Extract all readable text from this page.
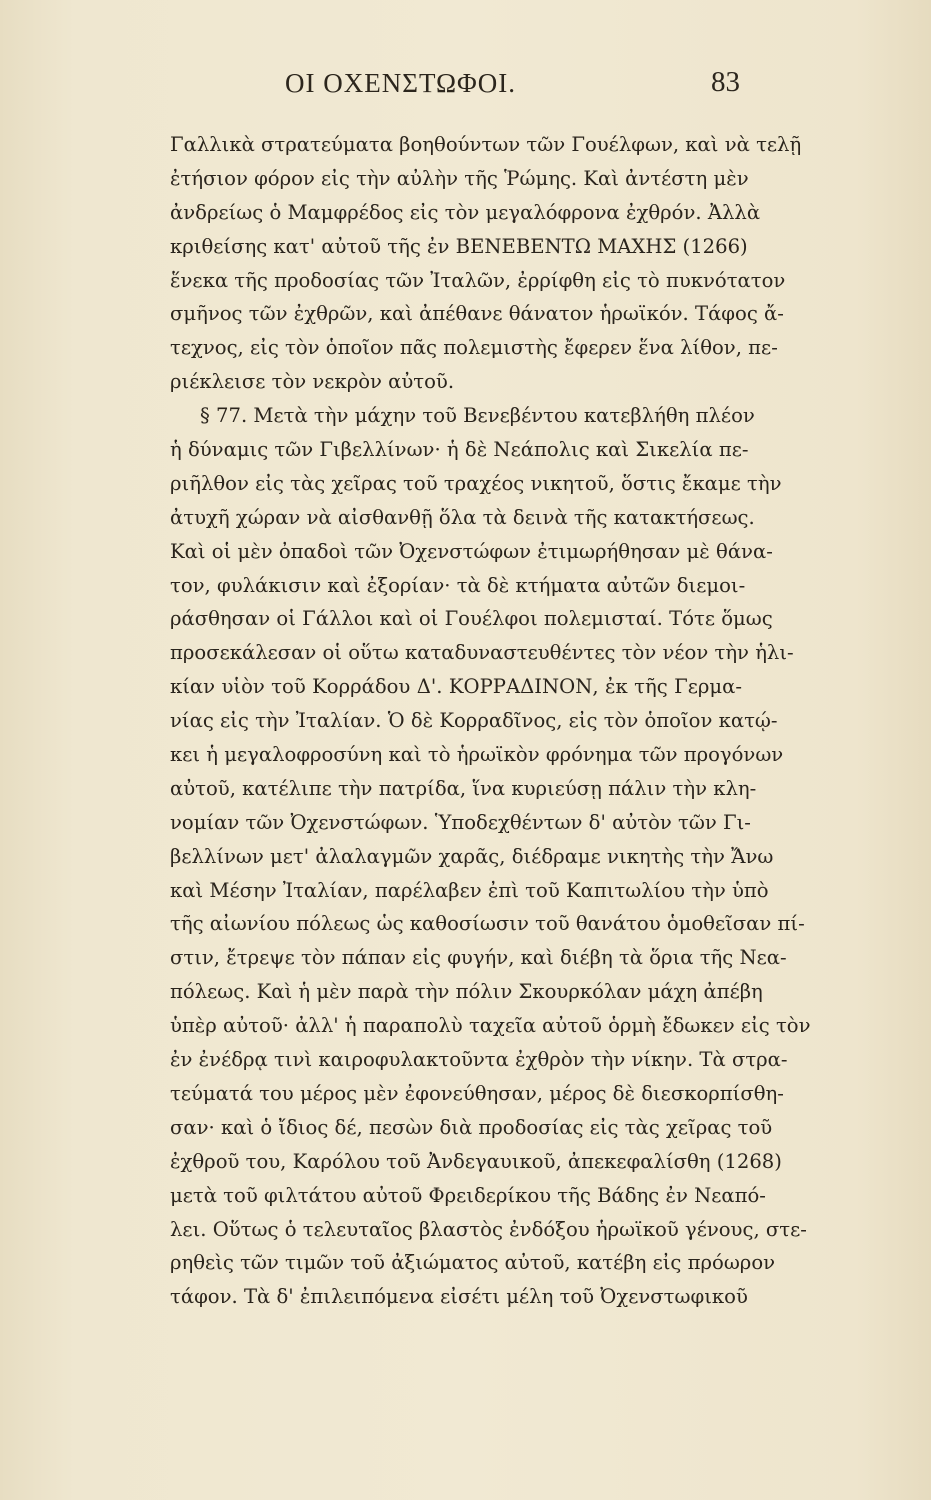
ΟΙ ΟΧΕΝΣΤΩΦΟΙ.	83
Γαλλικὰ στρατεύματα βοηθούντων τῶν Γουέλφων, καὶ νὰ τελῇ
ἐτήσιον φόρον εἰς τὴν αὐλὴν τῆς Ῥώμης. Καὶ ἀντέστη μὲν
ἀνδρείως ὁ Μαμφρέδος εἰς τὸν μεγαλόφρονα ἐχθρόν. Ἀλλὰ
κριθείσης κατ' αὐτοῦ τῆς ἐν ΒΕΝΕΒΕΝΤΩ ΜΑΧΗΣ (1266)
ἕνεκα τῆς προδοσίας τῶν Ἰταλῶν, ἐρρίφθη εἰς τὸ πυκνότατον
σμῆνος τῶν ἐχθρῶν, καὶ ἀπέθανε θάνατον ἡρωϊκόν. Τάφος ἄ-
τεχνος, εἰς τὸν ὁποῖον πᾶς πολεμιστὴς ἔφερεν ἕνα λίθον, πε-
ριέκλεισε τὸν νεκρὸν αὐτοῦ.
§ 77. Μετὰ τὴν μάχην τοῦ Βενεβέντου κατεβλήθη πλέον
ἡ δύναμις τῶν Γιβελλίνων· ἡ δὲ Νεάπολις καὶ Σικελία πε-
ριῆλθον εἰς τὰς χεῖρας τοῦ τραχέος νικητοῦ, ὅστις ἔκαμε τὴν
ἀτυχῆ χώραν νὰ αἰσθανθῇ ὅλα τὰ δεινὰ τῆς κατακτήσεως.
Καὶ οἱ μὲν ὀπαδοὶ τῶν Ὀχενστώφων ἐτιμωρήθησαν μὲ θάνα-
τον, φυλάκισιν καὶ ἐξορίαν· τὰ δὲ κτήματα αὐτῶν διεμοι-
ράσθησαν οἱ Γάλλοι καὶ οἱ Γουέλφοι πολεμισταί. Τότε ὅμως
προσεκάλεσαν οἱ οὕτω καταδυναστευθέντες τὸν νέον τὴν ἡλι-
κίαν υἱὸν τοῦ Κορράδου Δ'. ΚΟΡΡΑΔΙΝΟΝ, ἐκ τῆς Γερμα-
νίας εἰς τὴν Ἰταλίαν. Ὁ δὲ Κορραδῖνος, εἰς τὸν ὁποῖον κατῴ-
κει ἡ μεγαλοφροσύνη καὶ τὸ ἡρωϊκὸν φρόνημα τῶν προγόνων
αὐτοῦ, κατέλιπε τὴν πατρίδα, ἵνα κυριεύσῃ πάλιν τὴν κλη-
νομίαν τῶν Ὀχενστώφων. Ὑποδεχθέντων δ' αὐτὸν τῶν Γι-
βελλίνων μετ' ἀλαλαγμῶν χαρᾶς, διέδραμε νικητὴς τὴν Ἄνω
καὶ Μέσην Ἰταλίαν, παρέλαβεν ἐπὶ τοῦ Καπιτωλίου τὴν ὑπὸ
τῆς αἰωνίου πόλεως ὡς καθοσίωσιν τοῦ θανάτου ὁμοθεῖσαν πί-
στιν, ἔτρεψε τὸν πάπαν εἰς φυγήν, καὶ διέβη τὰ ὅρια τῆς Νεα-
πόλεως. Καὶ ἡ μὲν παρὰ τὴν πόλιν Σκουρκόλαν μάχη ἀπέβη
ὑπὲρ αὐτοῦ· ἀλλ' ἡ παραπολὺ ταχεῖα αὐτοῦ ὁρμὴ ἔδωκεν εἰς τὸν
ἐν ἐνέδρᾳ τινὶ καιροφυλακτοῦντα ἐχθρὸν τὴν νίκην. Τὰ στρα-
τεύματά του μέρος μὲν ἐφονεύθησαν, μέρος δὲ διεσκορπίσθη-
σαν· καὶ ὁ ἴδιος δέ, πεσὼν διὰ προδοσίας εἰς τὰς χεῖρας τοῦ
ἐχθροῦ του, Καρόλου τοῦ Ἀνδεγαυικοῦ, ἀπεκεφαλίσθη (1268)
μετὰ τοῦ φιλτάτου αὐτοῦ Φρειδερίκου τῆς Βάδης ἐν Νεαπό-
λει. Οὕτως ὁ τελευταῖος βλαστὸς ἐνδόξου ἡρωϊκοῦ γένους, στε-
ρηθεὶς τῶν τιμῶν τοῦ ἀξιώματος αὐτοῦ, κατέβη εἰς πρόωρον
τάφον. Τὰ δ' ἐπιλειπόμενα εἰσέτι μέλη τοῦ Ὀχενστωφικοῦ
